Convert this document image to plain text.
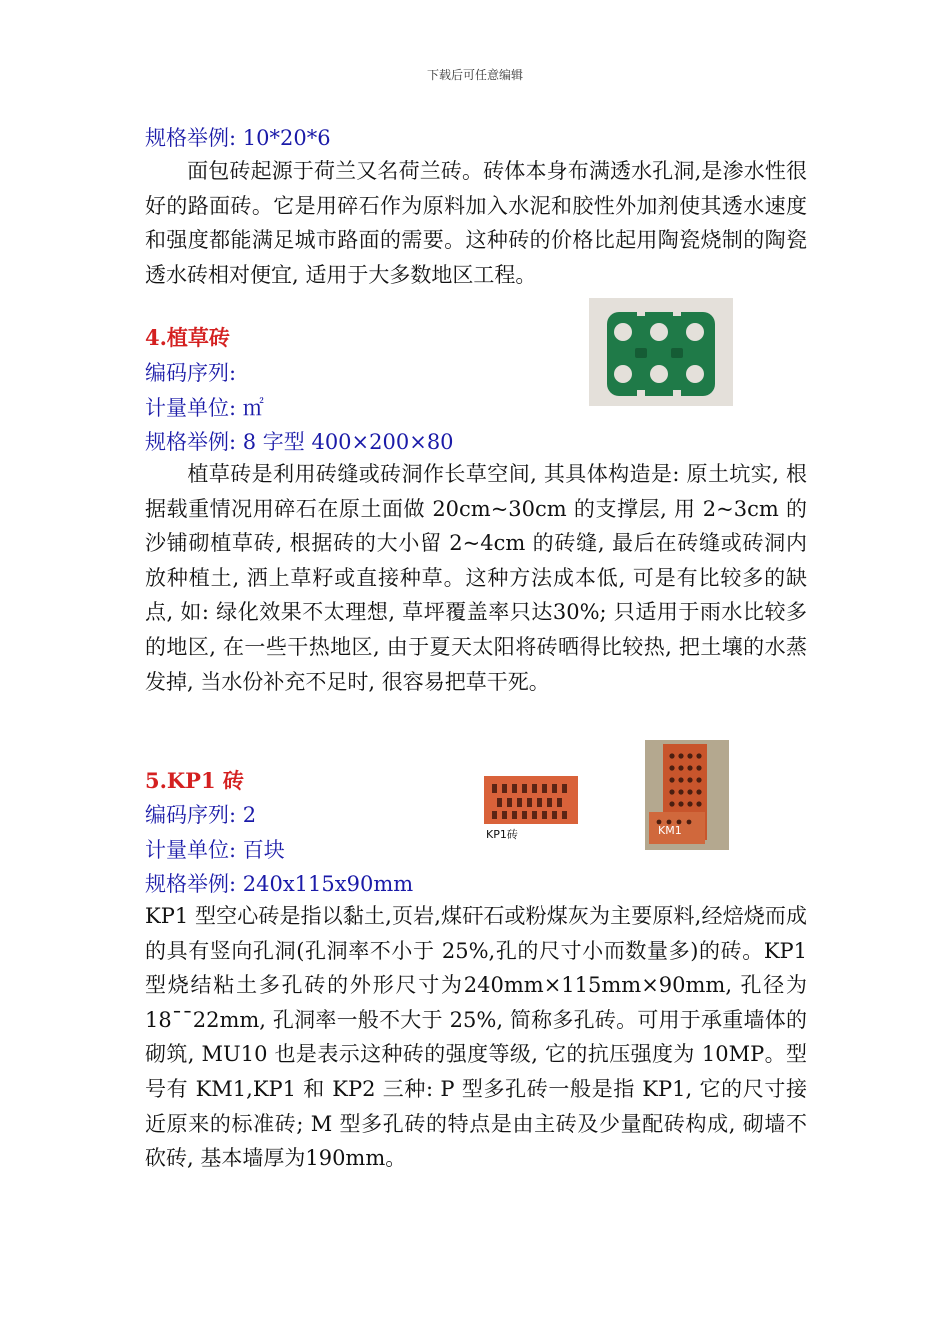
下载后可任意编辑
规格举例: 10*20*6

面包砖起源于荷兰又名荷兰砖。砖体本身布满透水孔洞,是渗水性很好的路面砖。它是用碎石作为原料加入水泥和胶性外加剂使其透水速度和强度都能满足城市路面的需要。这种砖的价格比起用陶瓷烧制的陶瓷透水砖相对便宜, 适用于大多数地区工程。

4.植草砖
编码序列:
计量单位: ㎡
规格举例: 8 字型 400×200×80

植草砖是利用砖缝或砖洞作长草空间, 其具体构造是: 原土坑实, 根据载重情况用碎石在原土面做 20cm~30cm 的支撑层, 用 2~3cm 的沙铺砌植草砖, 根据砖的大小留 2~4cm 的砖缝, 最后在砖缝或砖洞内放种植土, 洒上草籽或直接种草。这种方法成本低, 可是有比较多的缺点, 如: 绿化效果不太理想, 草坪覆盖率只达30%; 只适用于雨水比较多的地区, 在一些干热地区, 由于夏天太阳将砖晒得比较热, 把土壤的水蒸发掉, 当水份补充不足时, 很容易把草干死。

5.KP1 砖
编码序列: 2
计量单位: 百块
规格举例: 240x115x90mm
KP1砖	KM1

KP1 型空心砖是指以黏土,页岩,煤矸石或粉煤灰为主要原料,经焙烧而成的具有竖向孔洞(孔洞率不小于 25%,孔的尺寸小而数量多)的砖。KP1 型烧结粘土多孔砖的外形尺寸为240mm×115mm×90mm, 孔径为 18¯¯22mm, 孔洞率一般不大于 25%, 简称多孔砖。可用于承重墙体的砌筑, MU10 也是表示这种砖的强度等级, 它的抗压强度为 10MP。型号有 KM1,KP1 和 KP2 三种: P 型多孔砖一般是指 KP1, 它的尺寸接近原来的标准砖; M 型多孔砖的特点是由主砖及少量配砖构成, 砌墙不砍砖, 基本墙厚为190mm。
